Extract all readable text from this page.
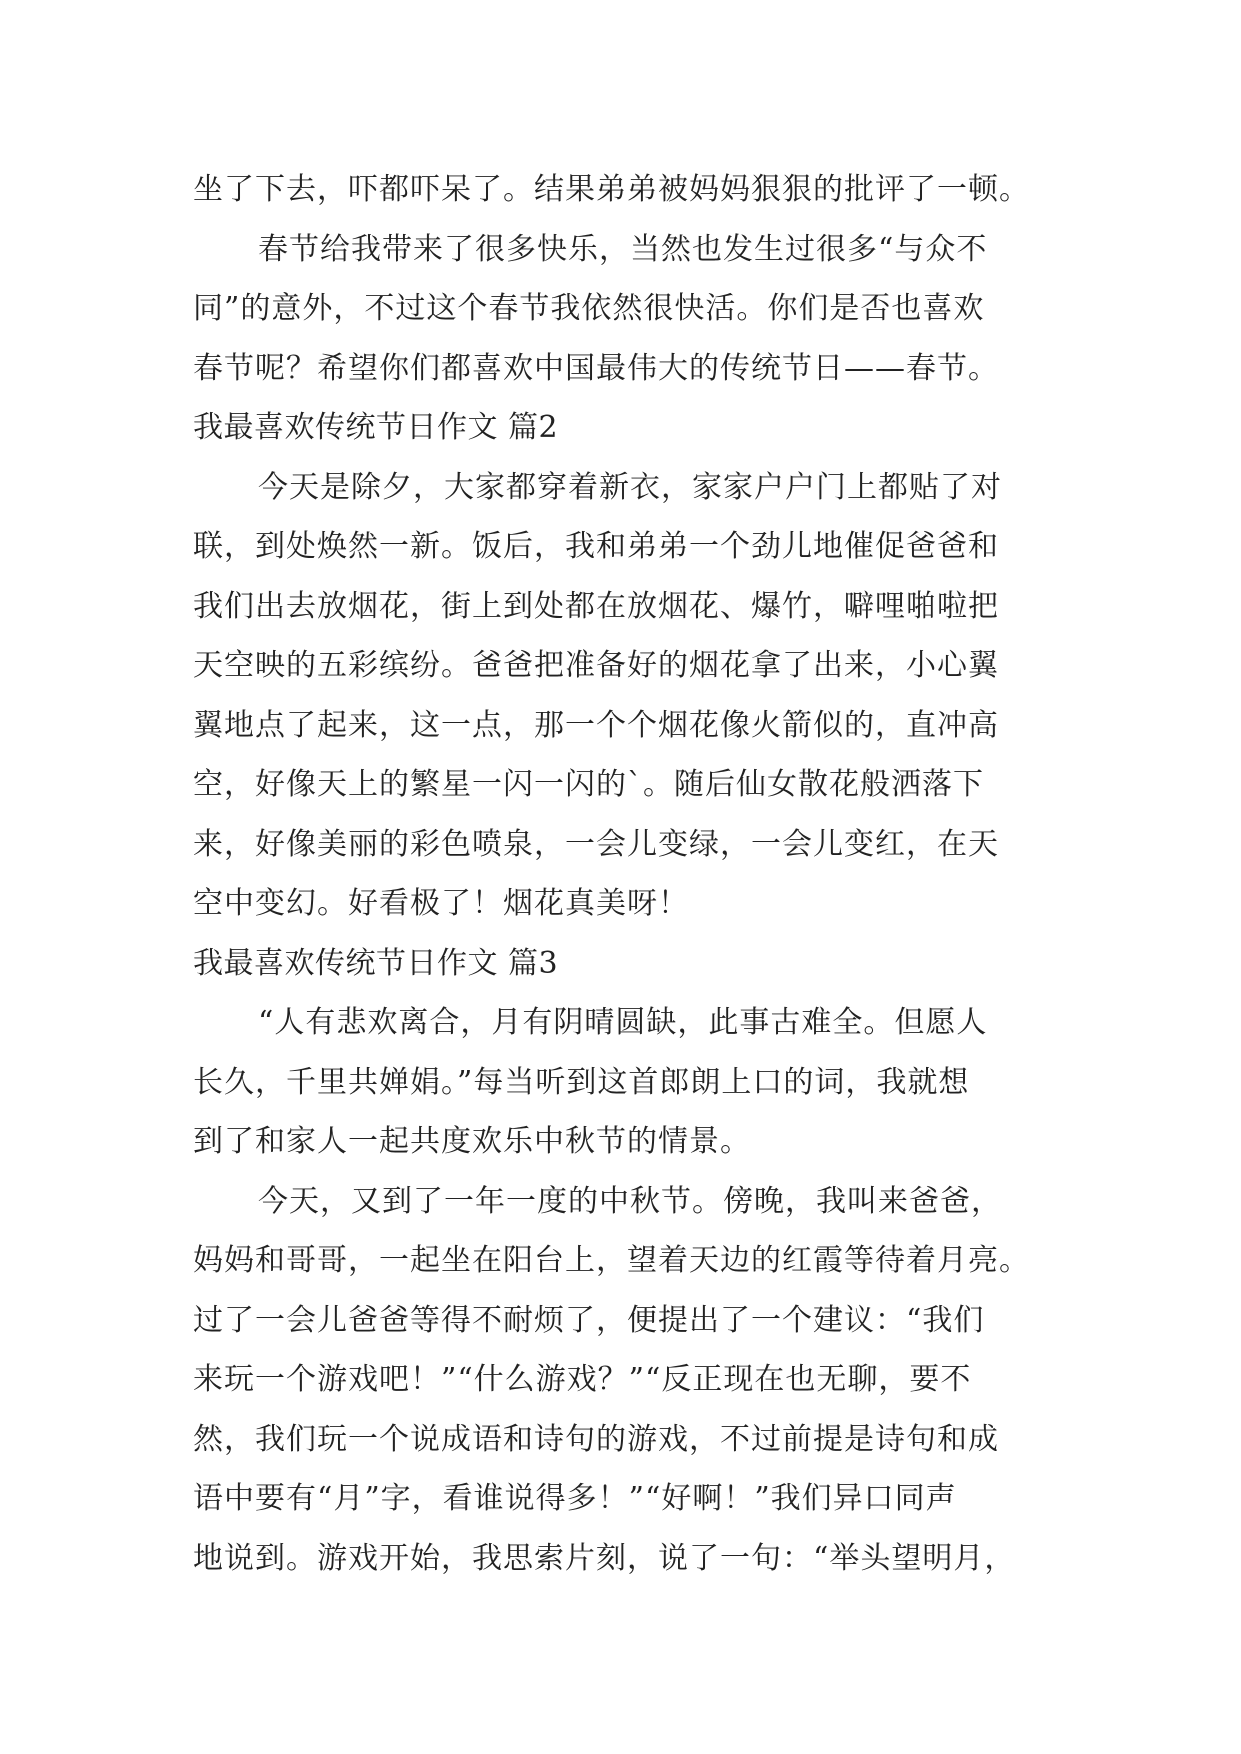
坐了下去，吓都吓呆了。结果弟弟被妈妈狠狠的批评了一顿。
春节给我带来了很多快乐，当然也发生过很多“与众不
同”的意外，不过这个春节我依然很快活。你们是否也喜欢
春节呢？希望你们都喜欢中国最伟大的传统节日——春节。
我最喜欢传统节日作文 篇2
今天是除夕，大家都穿着新衣，家家户户门上都贴了对
联，到处焕然一新。饭后，我和弟弟一个劲儿地催促爸爸和
我们出去放烟花，街上到处都在放烟花、爆竹，噼哩啪啦把
天空映的五彩缤纷。爸爸把准备好的烟花拿了出来，小心翼
翼地点了起来，这一点，那一个个烟花像火箭似的，直冲高
空，好像天上的繁星一闪一闪的`。随后仙女散花般洒落下
来，好像美丽的彩色喷泉，一会儿变绿，一会儿变红，在天
空中变幻。好看极了！烟花真美呀！
我最喜欢传统节日作文 篇3
“人有悲欢离合，月有阴晴圆缺，此事古难全。但愿人
长久，千里共婵娟。”每当听到这首郎朗上口的词，我就想
到了和家人一起共度欢乐中秋节的情景。
今天，又到了一年一度的中秋节。傍晚，我叫来爸爸，
妈妈和哥哥，一起坐在阳台上，望着天边的红霞等待着月亮。
过了一会儿爸爸等得不耐烦了，便提出了一个建议：“我们
来玩一个游戏吧！”“什么游戏？”“反正现在也无聊，要不
然，我们玩一个说成语和诗句的游戏，不过前提是诗句和成
语中要有“月”字，看谁说得多！”“好啊！”我们异口同声
地说到。游戏开始，我思索片刻，说了一句：“举头望明月，
